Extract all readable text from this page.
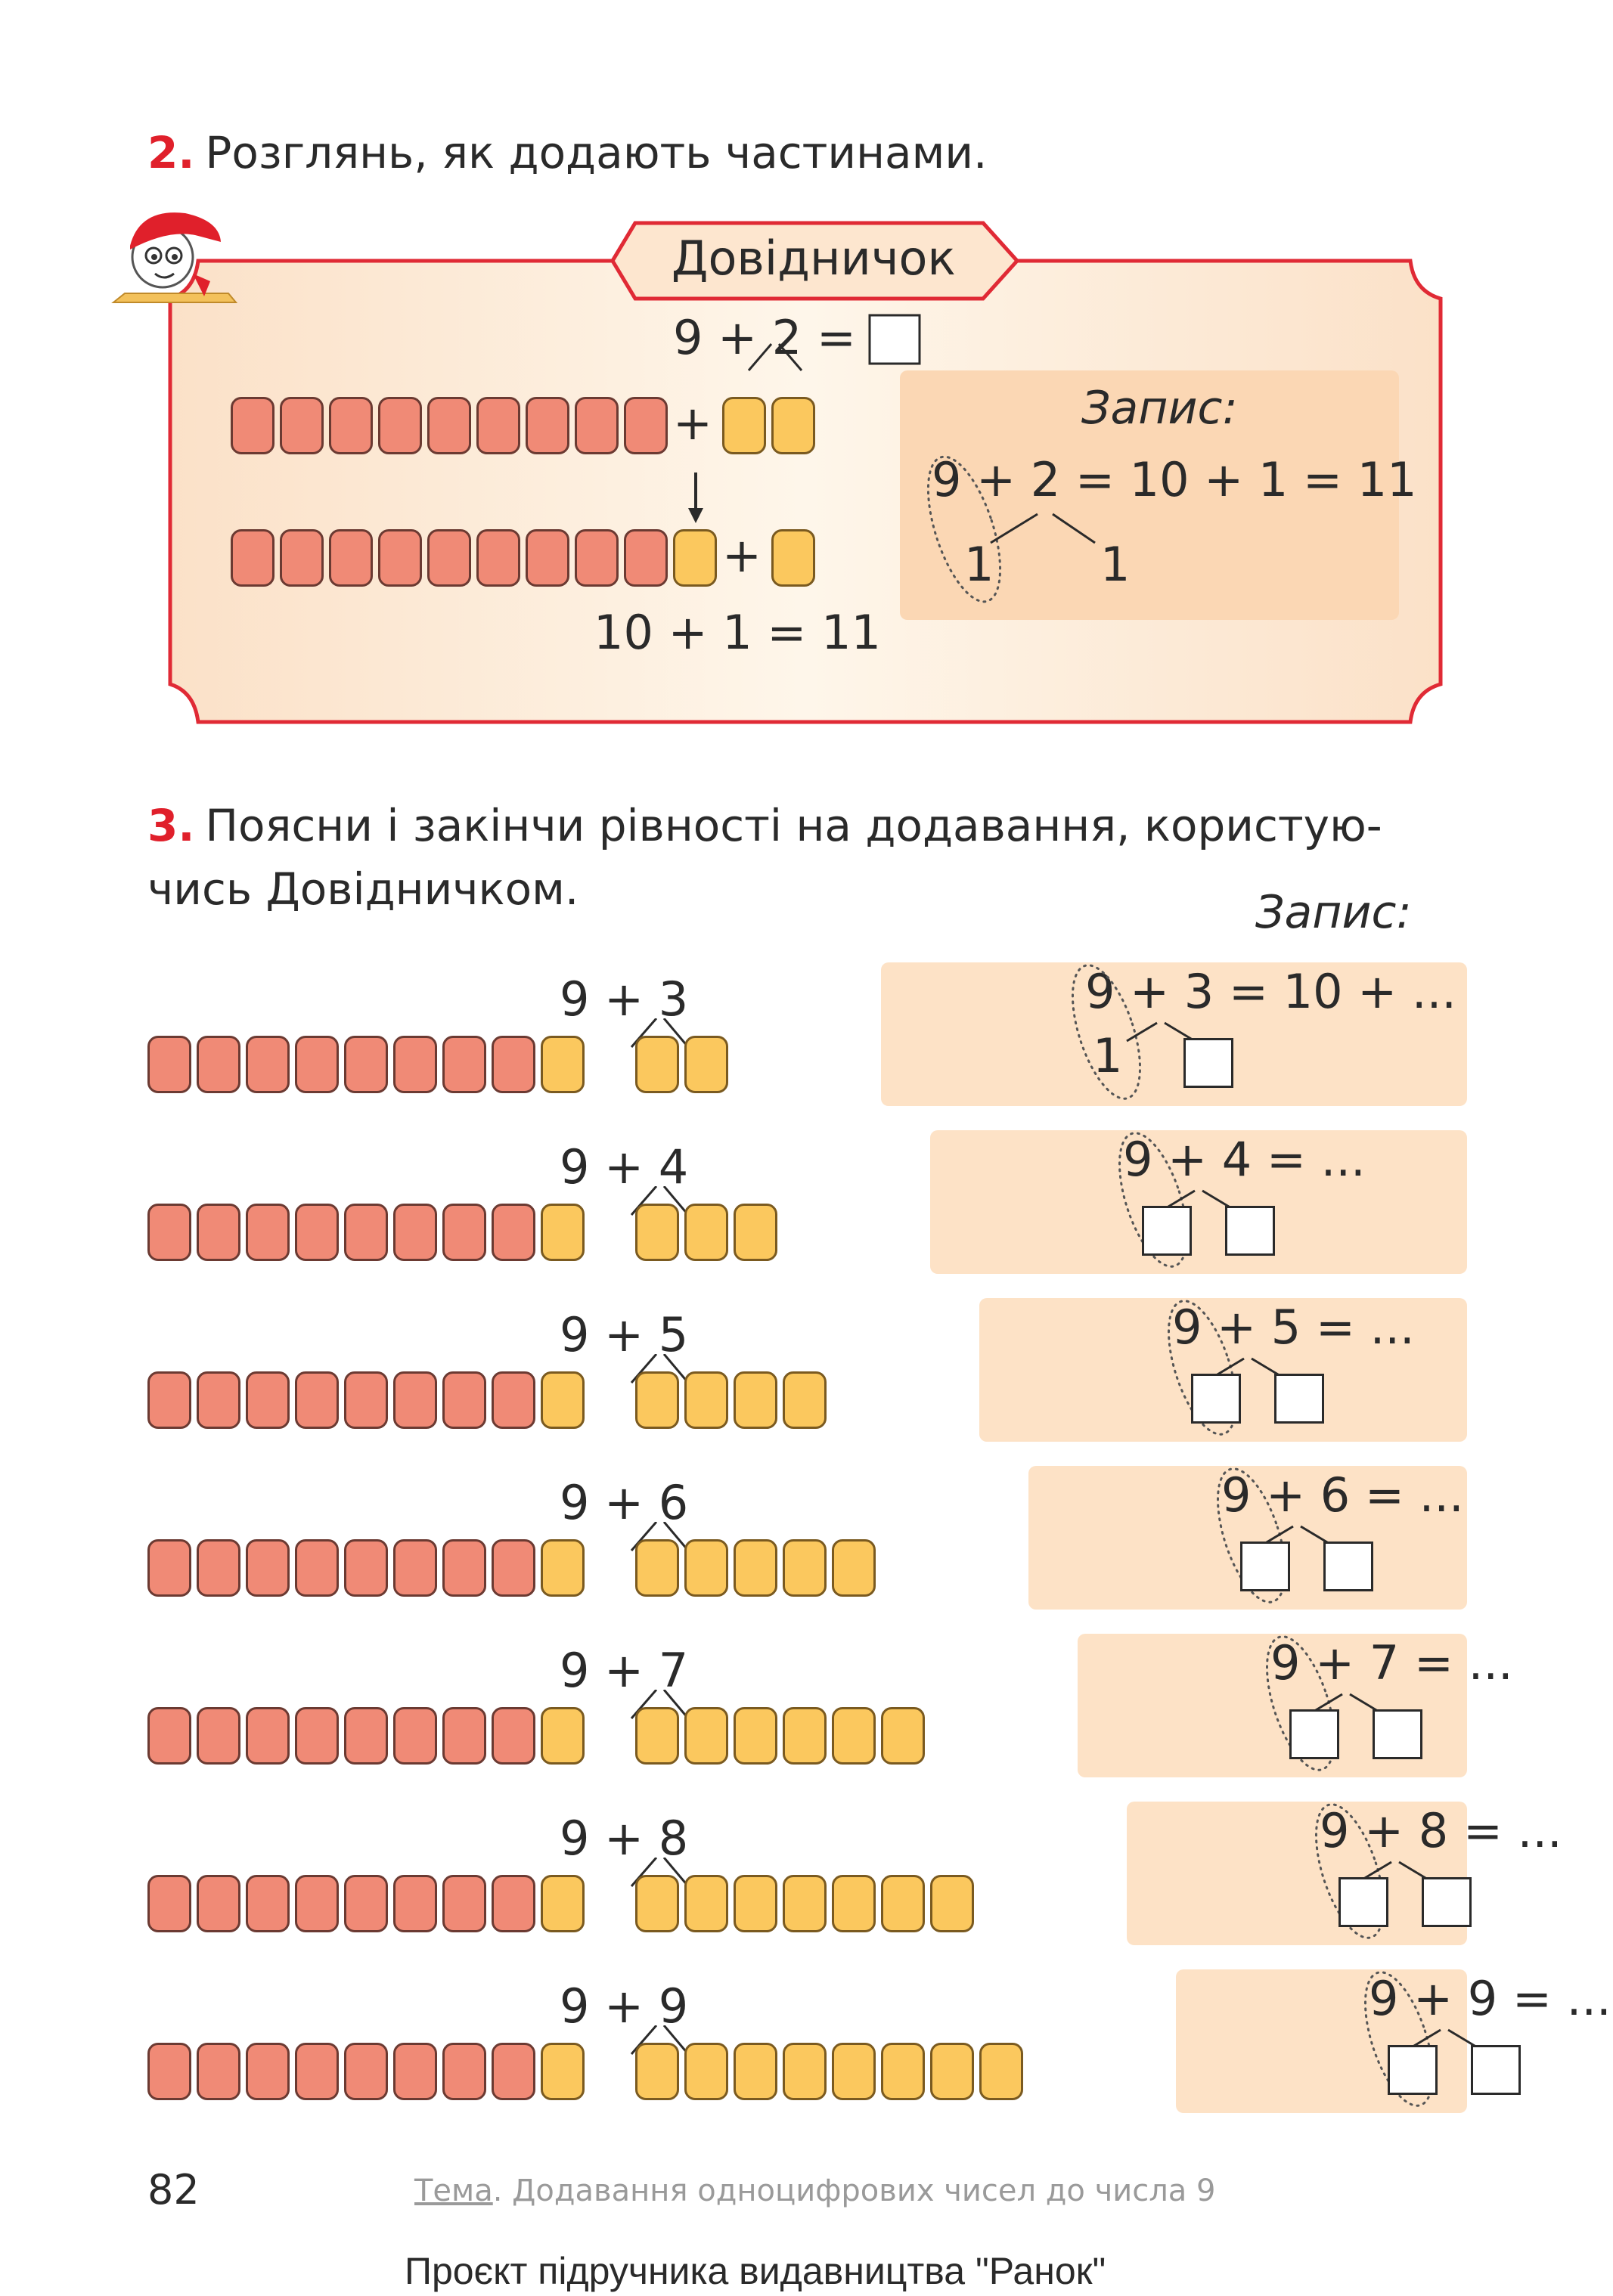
2. Розглянь, як додають частинами.
Довідничок
9 + 2 =
+
+
10 + 1 = 11
Запис:
9 + 2 = 10 + 1 = 11
1 1
3. Поясни і закінчи рівності на додавання, користую-
чись Довідничком.	Запис:
9 + 3	9 + 3 = 10 + ...
1
9 + 4	9 + 4 = ...
9 + 5	9 + 5 = ...
9 + 6	9 + 6 = ...
9 + 7	9 + 7 = ...
9 + 8	9 + 8 = ...
9 + 9	9 + 9 = ...
82	Тема. Додавання одноцифрових чисел до числа 9
Проєкт підручника видавництва "Ранок"
